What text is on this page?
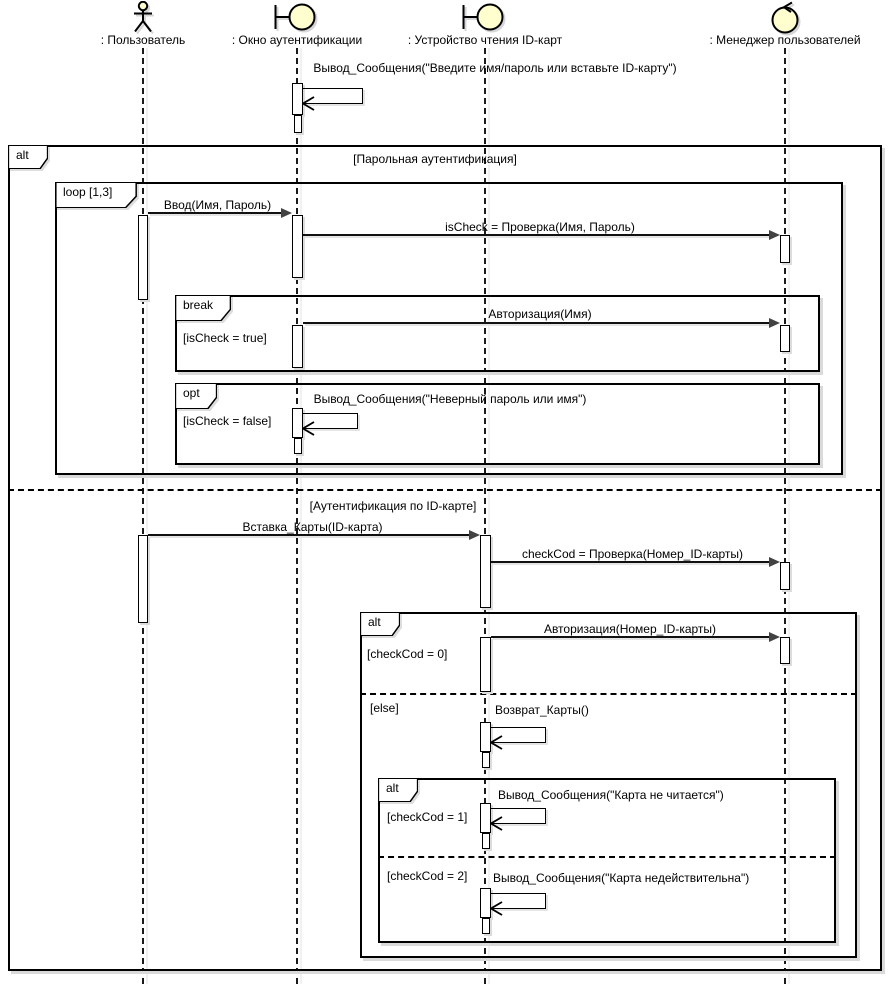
: Пользователь	: Окно аутентификации	: Устройство чтения ID-карт	: Менеджер пользователей
alt
loop [1,3]
break
opt
alt
alt
[Парольная аутентификация]
[Аутентификация по ID-карте]
[isCheck = true]
[isCheck = false]
[checkCod = 0]
[else]
[checkCod = 1]
[checkCod = 2]
Вывод_Сообщения("Введите имя/пароль или вставьте ID-карту")
Ввод(Имя, Пароль)
isCheck = Проверка(Имя, Пароль)
Авторизация(Имя)
Вывод_Сообщения("Неверный пароль или имя")
Вставка_Карты(ID-карта)
checkCod = Проверка(Номер_ID-карты)
Авторизация(Номер_ID-карты)
Возврат_Карты()
Вывод_Сообщения("Карта не читается")
Вывод_Сообщения("Карта недействительна")
